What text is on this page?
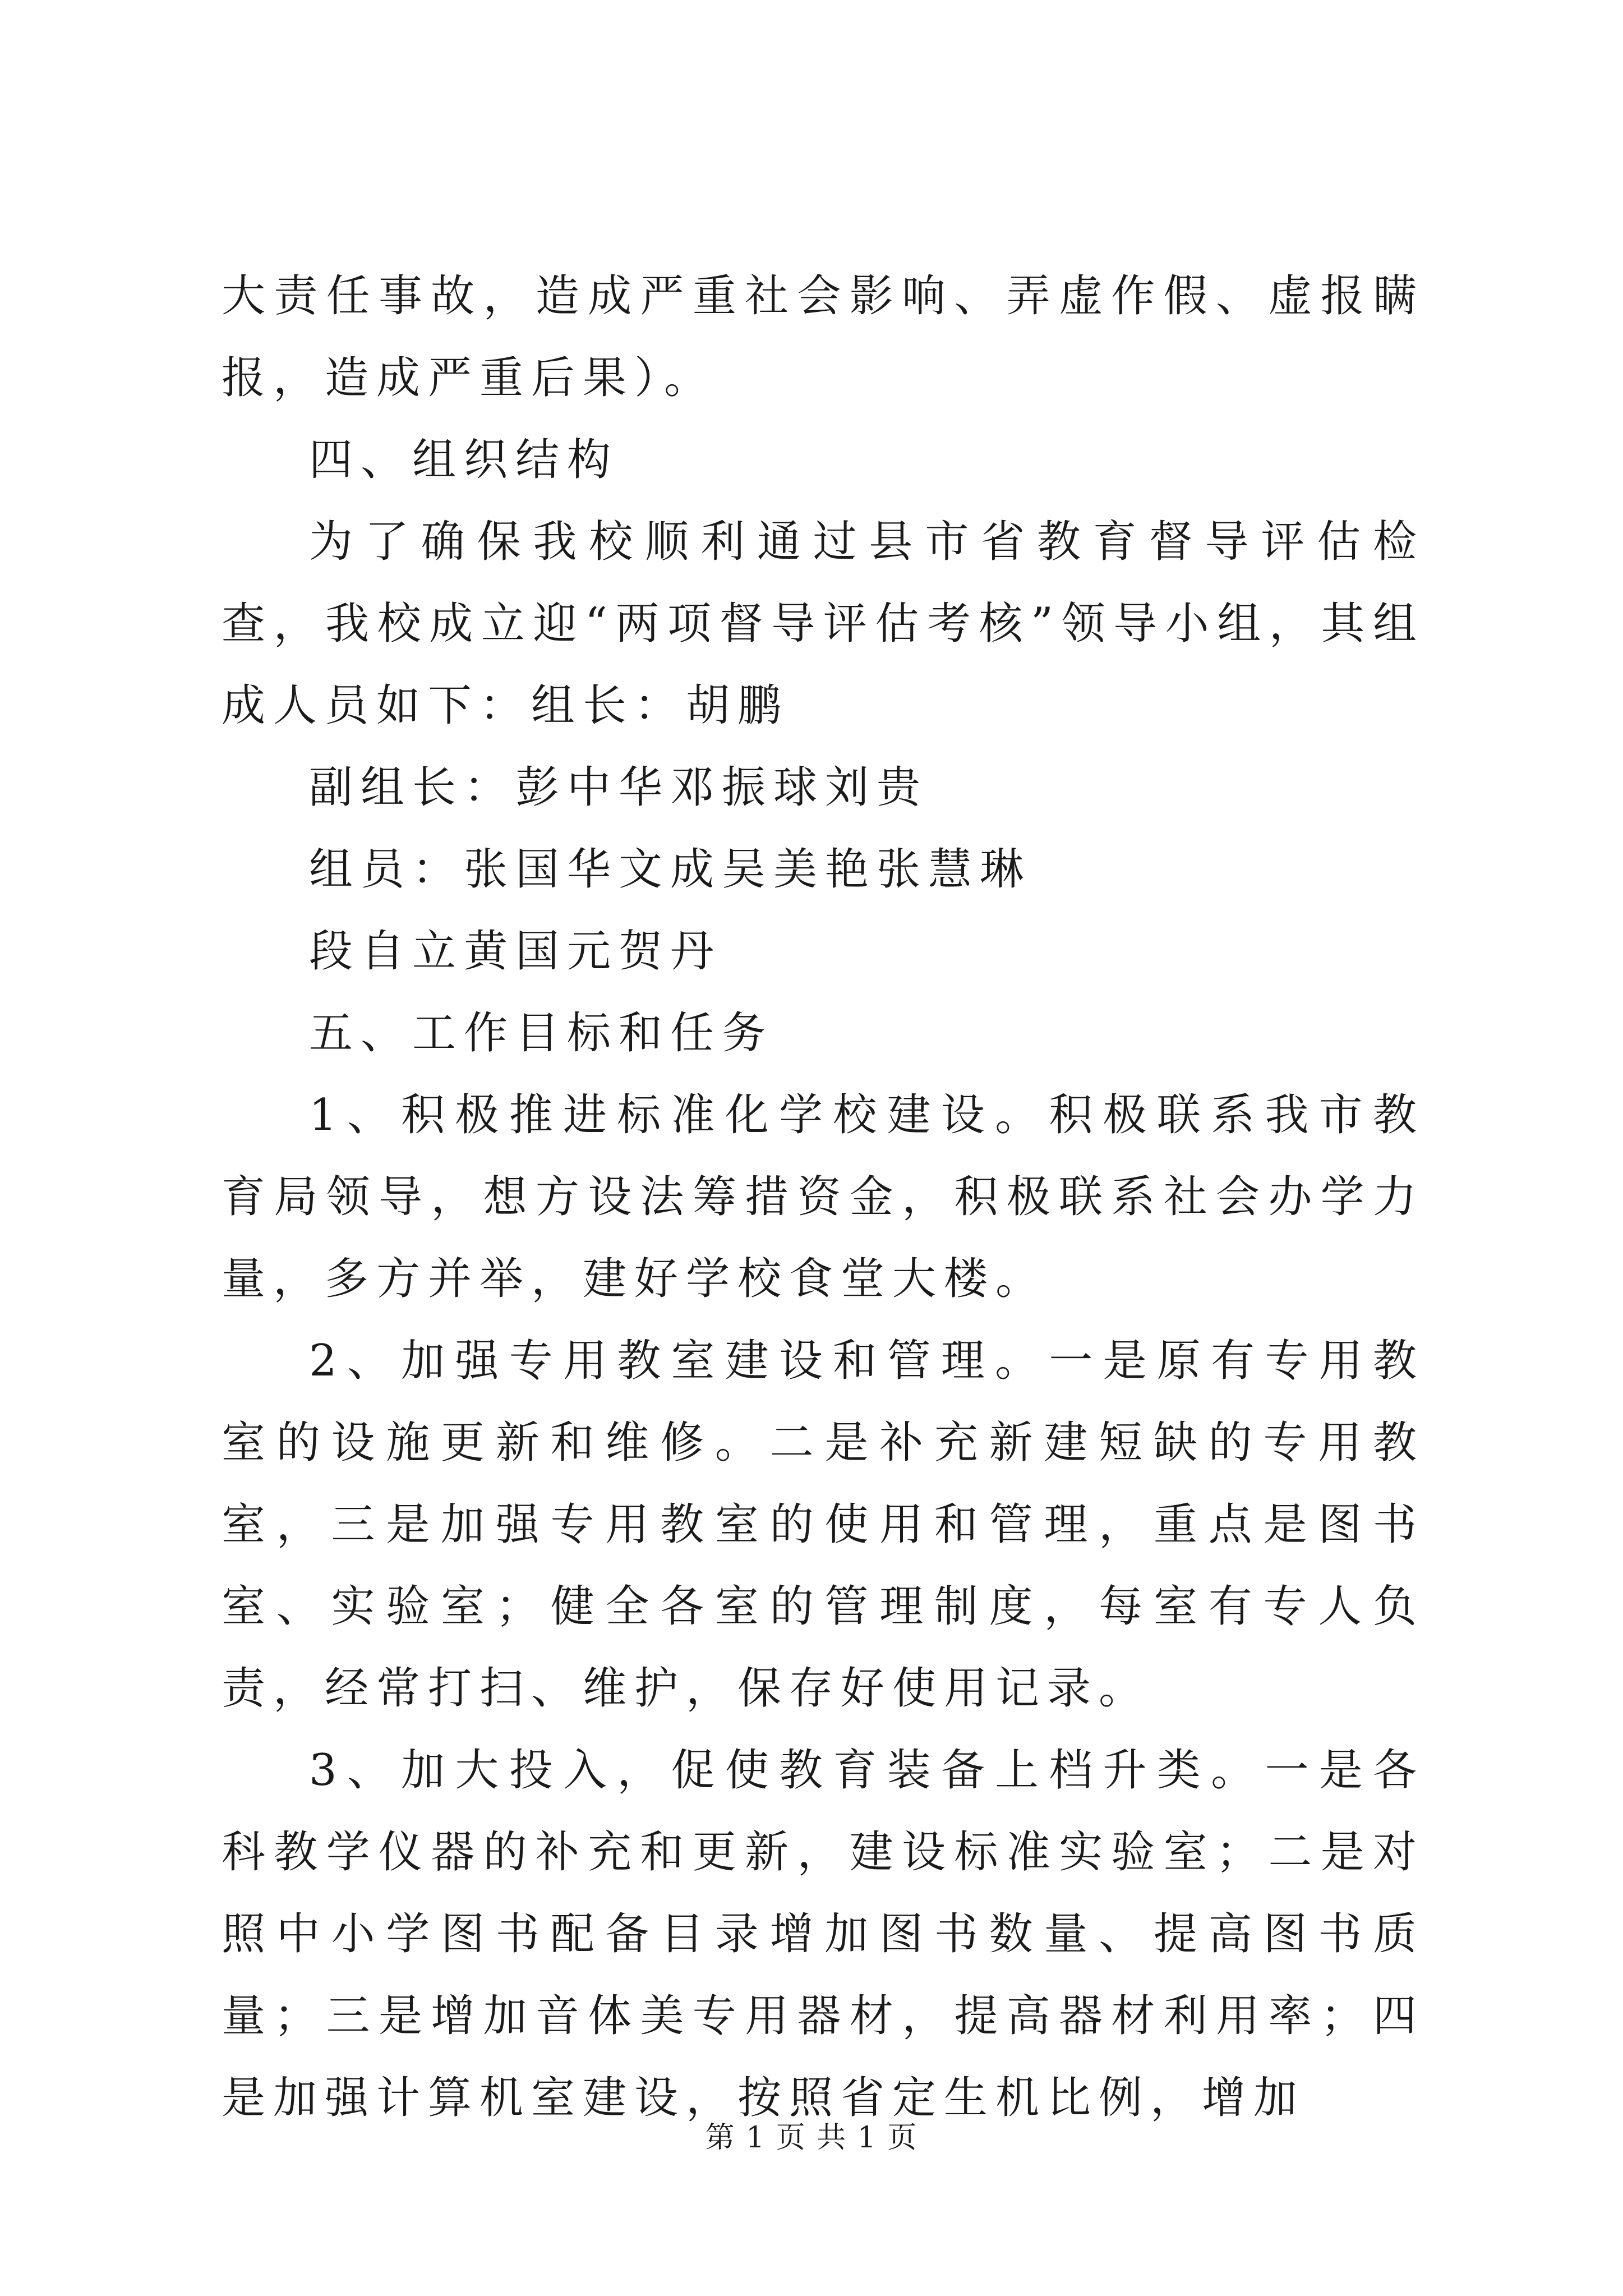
大责任事故，造成严重社会影响、弄虚作假、虚报瞒报，造成严重后果）。

四、组织结构

为了确保我校顺利通过县市省教育督导评估检查，我校成立迎“两项督导评估考核”领导小组，其组成人员如下：组长：胡鹏

副组长：彭中华邓振球刘贵

组员：张国华文成吴美艳张慧琳

段自立黄国元贺丹

五、工作目标和任务

1、积极推进标准化学校建设。积极联系我市教育局领导，想方设法筹措资金，积极联系社会办学力量，多方并举，建好学校食堂大楼。

2、加强专用教室建设和管理。一是原有专用教室的设施更新和维修。二是补充新建短缺的专用教室，三是加强专用教室的使用和管理，重点是图书室、实验室；健全各室的管理制度，每室有专人负责，经常打扫、维护，保存好使用记录。

3、加大投入，促使教育装备上档升类。一是各科教学仪器的补充和更新，建设标准实验室；二是对照中小学图书配备目录增加图书数量、提高图书质量；三是增加音体美专用器材，提高器材利用率；四是加强计算机室建设，按照省定生机比例，增加

第 1 页 共 1 页
